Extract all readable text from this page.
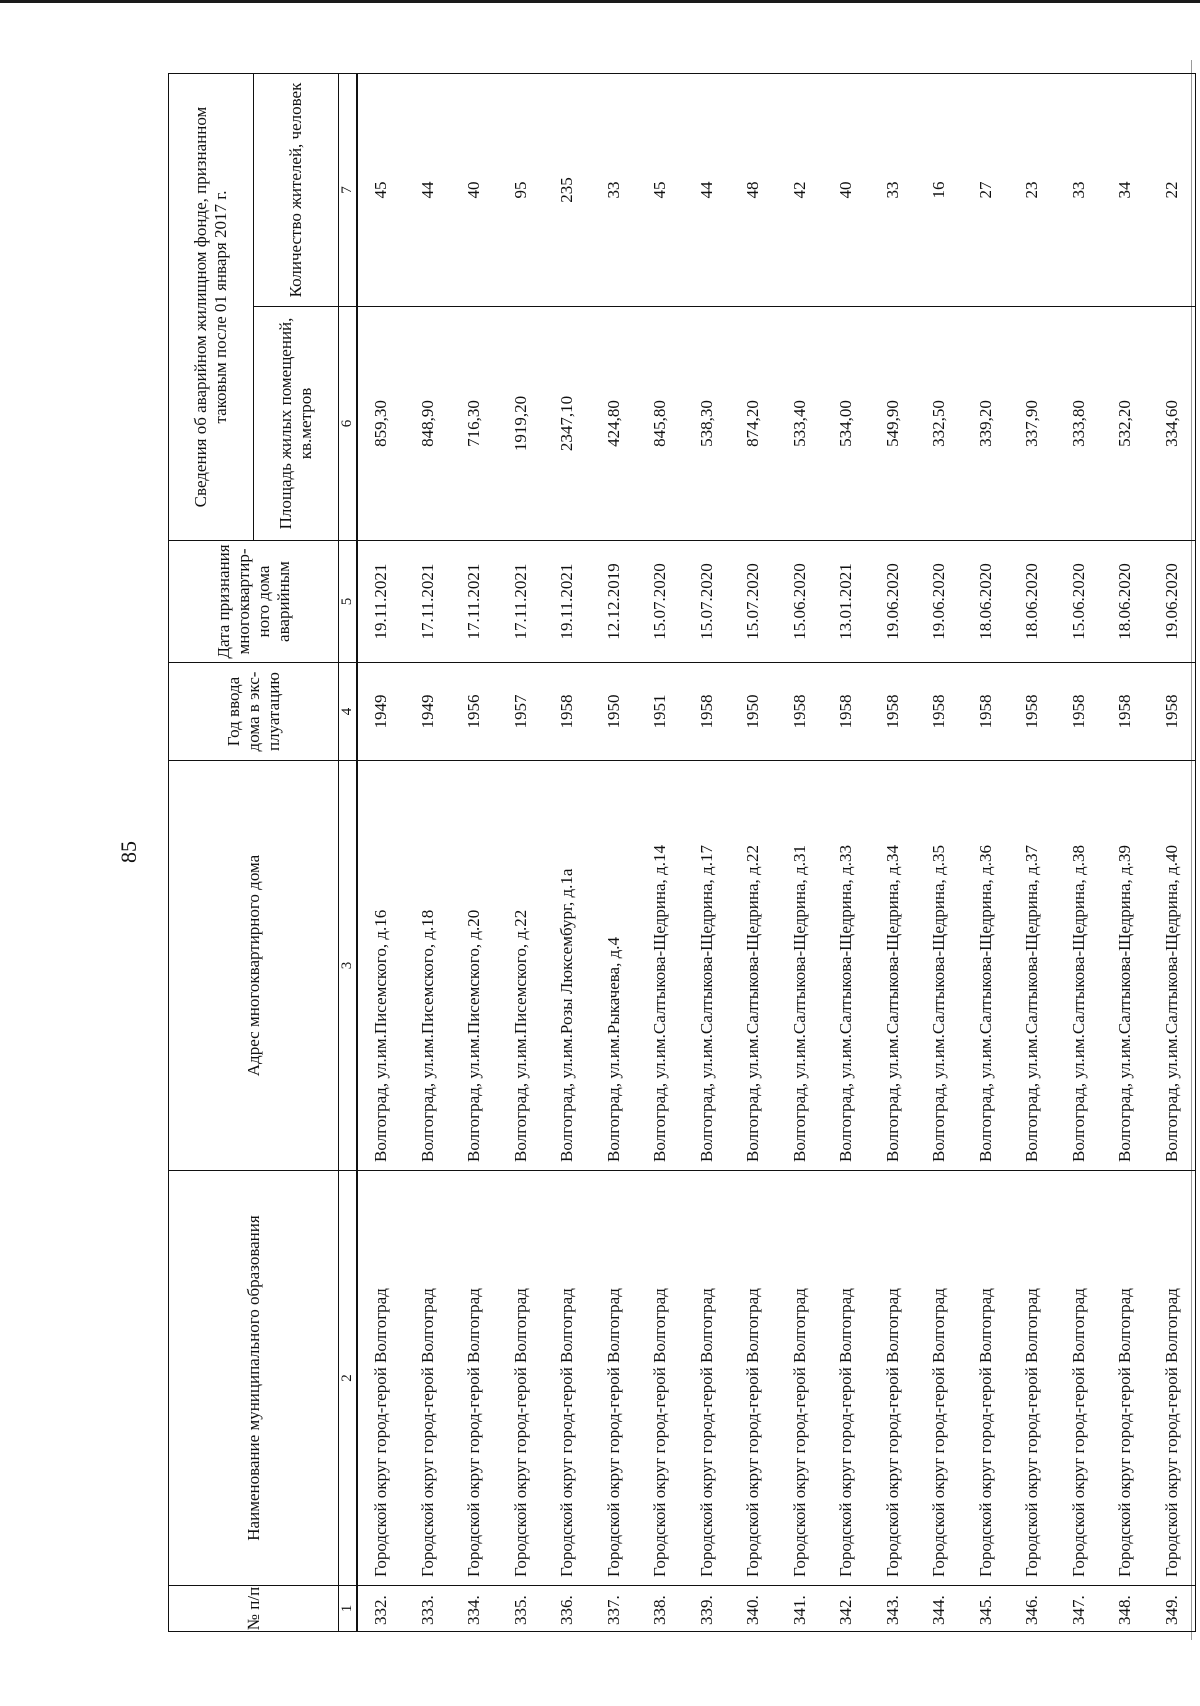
85
№ п/п	Наименование муниципального образования	Адрес многоквартирного дома	Год ввода дома в экс-плуатацию	Дата признания многоквартир-ного дома аварийным	Сведения об аварийном жилищном фонде, признанном таковым после 01 января 2017 г.	
					Площадь жилых помещений, кв.метров	Количество жителей, человек
1	2	3	4	5	6	7
332.	Городской округ город-герой Волгоград	Волгоград, ул.им.Писемского, д.16	1949	19.11.2021	859,30	45
333.	Городской округ город-герой Волгоград	Волгоград, ул.им.Писемского, д.18	1949	17.11.2021	848,90	44
334.	Городской округ город-герой Волгоград	Волгоград, ул.им.Писемского, д.20	1956	17.11.2021	716,30	40
335.	Городской округ город-герой Волгоград	Волгоград, ул.им.Писемского, д.22	1957	17.11.2021	1919,20	95
336.	Городской округ город-герой Волгоград	Волгоград, ул.им.Розы Люксембург, д.1а	1958	19.11.2021	2347,10	235
337.	Городской округ город-герой Волгоград	Волгоград, ул.им.Рыкачева, д.4	1950	12.12.2019	424,80	33
338.	Городской округ город-герой Волгоград	Волгоград, ул.им.Салтыкова-Щедрина, д.14	1951	15.07.2020	845,80	45
339.	Городской округ город-герой Волгоград	Волгоград, ул.им.Салтыкова-Щедрина, д.17	1958	15.07.2020	538,30	44
340.	Городской округ город-герой Волгоград	Волгоград, ул.им.Салтыкова-Щедрина, д.22	1950	15.07.2020	874,20	48
341.	Городской округ город-герой Волгоград	Волгоград, ул.им.Салтыкова-Щедрина, д.31	1958	15.06.2020	533,40	42
342.	Городской округ город-герой Волгоград	Волгоград, ул.им.Салтыкова-Щедрина, д.33	1958	13.01.2021	534,00	40
343.	Городской округ город-герой Волгоград	Волгоград, ул.им.Салтыкова-Щедрина, д.34	1958	19.06.2020	549,90	33
344.	Городской округ город-герой Волгоград	Волгоград, ул.им.Салтыкова-Щедрина, д.35	1958	19.06.2020	332,50	16
345.	Городской округ город-герой Волгоград	Волгоград, ул.им.Салтыкова-Щедрина, д.36	1958	18.06.2020	339,20	27
346.	Городской округ город-герой Волгоград	Волгоград, ул.им.Салтыкова-Щедрина, д.37	1958	18.06.2020	337,90	23
347.	Городской округ город-герой Волгоград	Волгоград, ул.им.Салтыкова-Щедрина, д.38	1958	15.06.2020	333,80	33
348.	Городской округ город-герой Волгоград	Волгоград, ул.им.Салтыкова-Щедрина, д.39	1958	18.06.2020	532,20	34
349.	Городской округ город-герой Волгоград	Волгоград, ул.им.Салтыкова-Щедрина, д.40	1958	19.06.2020	334,60	22
